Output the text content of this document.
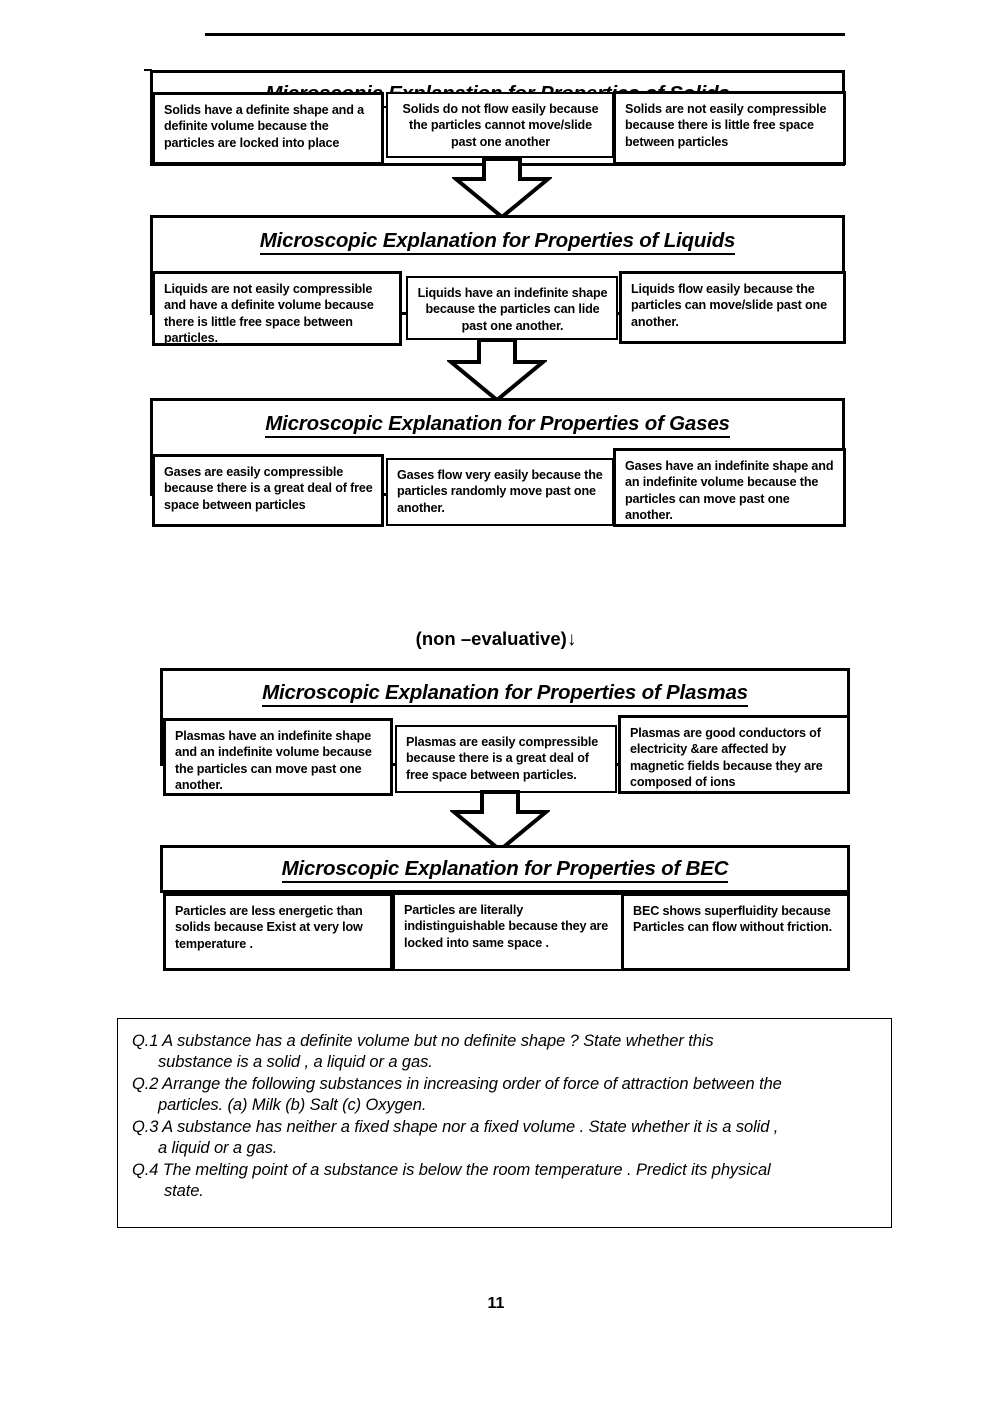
Solids have a definite shape and a definite volume because the particles are locked into place
Solids do not flow easily because the particles cannot move/slide past one another
Solids are not easily compressible because there is little free space between particles
Microscopic Explanation for Properties of Liquids
Liquids are not easily compressible and have a definite volume because there is little free space between particles.
Liquids have an indefinite shape because the particles can lide past one another.
Liquids flow easily because the particles can move/slide past one another.
Microscopic Explanation for Properties of Gases
Gases are easily compressible because there is a great deal of free space between particles
Gases flow very easily because the particles randomly move past one another.
Gases have an indefinite shape and an indefinite volume because the particles can move past one another.
(non –evaluative)↓
Microscopic Explanation for Properties of Plasmas
Plasmas have an indefinite shape and an indefinite volume because the particles can move past one another.
Plasmas are easily compressible because there is a great deal of free space between particles.
Plasmas are good conductors of electricity &are affected by magnetic fields because they are composed of ions
Microscopic Explanation for Properties of BEC
Particles are less energetic than solids because Exist at very low temperature .
Particles are literally indistinguishable because they are locked into same space .
BEC shows superfluidity because Particles can flow without friction.

Q.1 A substance has a definite volume but no definite shape ? State whether this

substance is a solid , a liquid or a gas.

Q.2 Arrange the following substances in increasing order of force of attraction between the

particles. (a) Milk (b) Salt (c) Oxygen.

Q.3 A substance has neither a fixed shape nor a fixed volume . State whether it is a solid ,

a liquid or a gas.

Q.4 The melting point of a substance is below the room temperature . Predict its physical

state.

11
